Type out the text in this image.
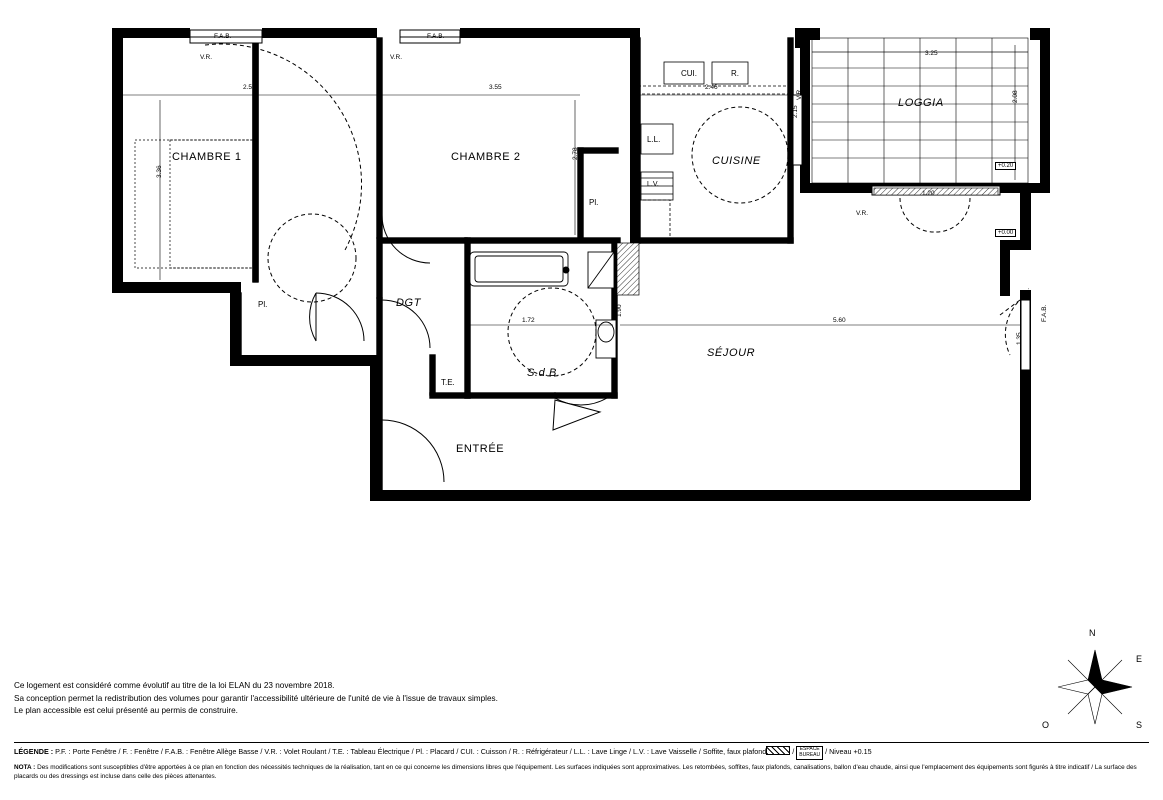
CHAMBRE 1	CHAMBRE 2	CUISINE
LOGGIA
SÉJOUR
S.d.B.
DGT
ENTRÉE
F.A.B.	F.A.B.
V.R.	V.R.
V.R.
V.R.
V.R.
F.A.B.
CUI.	R.
L.L.
L.V.
Pl.
Pl.
T.E.
+0.20
+0.00
2.51
3.36
3.55
2.78
2.46
3.25
2.08
5.60
1.72
1.90
2.15
1.20
1.35
Ce logement est considéré comme évolutif au titre de la loi ELAN du 23 novembre 2018.
Sa conception permet la redistribution des volumes pour garantir l'accessibilité ultérieure de l'unité de vie à l'issue de travaux simples.
Le plan accessible est celui présenté au permis de construire.
LÉGENDE : P.F. : Porte Fenêtre / F. : Fenêtre / F.A.B. : Fenêtre Allège Basse / V.R. : Volet Roulant / T.E. : Tableau Électrique / Pl. : Placard / CUI. : Cuisson / R. : Réfrigérateur / L.L. : Lave Linge / L.V. : Lave Vaisselle / Soffite, faux plafond	/ ESPACE
BUREAU / Niveau +0.15
NOTA : Des modifications sont susceptibles d'être apportées à ce plan en fonction des nécessités techniques de la réalisation, tant en ce qui concerne les dimensions libres que l'équipement. Les surfaces indiquées sont approximatives. Les retombées, soffites, faux plafonds, canalisations, ballon d'eau chaude, ainsi que l'emplacement des équipements sont figurés à titre indicatif / La surface des placards ou des dressings est incluse dans celle des pièces attenantes.
N
E
S
O
